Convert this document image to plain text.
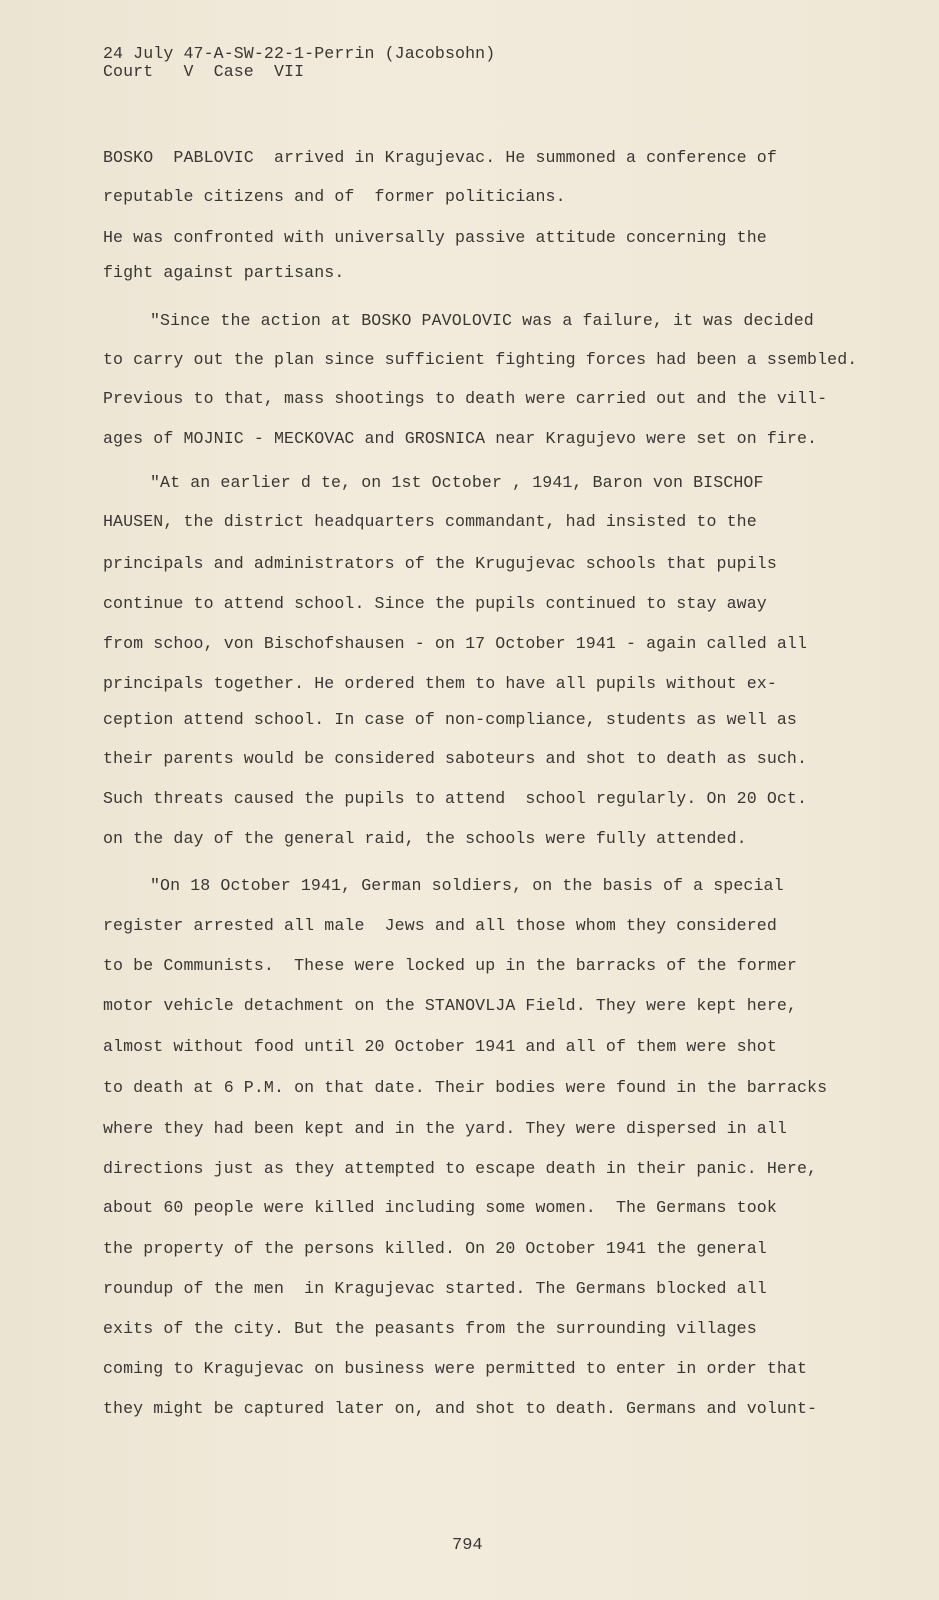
24 July 47-A-SW-22-1-Perrin (Jacobsohn)
Court   V  Case  VII
BOSKO  PABLOVIC  arrived in Kragujevac. He summoned a conference of
reputable citizens and of  former politicians.
He was confronted with universally passive attitude concerning the
fight against partisans.
"Since the action at BOSKO PAVOLOVIC was a failure, it was decided
to carry out the plan since sufficient fighting forces had been a ssembled.
Previous to that, mass shootings to death were carried out and the vill-
ages of MOJNIC - MECKOVAC and GROSNICA near Kragujevo were set on fire.
"At an earlier d te, on 1st October , 1941, Baron von BISCHOF
HAUSEN, the district headquarters commandant, had insisted to the
principals and administrators of the Krugujevac schools that pupils
continue to attend school. Since the pupils continued to stay away
from schoo, von Bischofshausen - on 17 October 1941 - again called all
principals together. He ordered them to have all pupils without ex-
ception attend school. In case of non-compliance, students as well as
their parents would be considered saboteurs and shot to death as such.
Such threats caused the pupils to attend  school regularly. On 20 Oct.
on the day of the general raid, the schools were fully attended.
"On 18 October 1941, German soldiers, on the basis of a special
register arrested all male  Jews and all those whom they considered
to be Communists.  These were locked up in the barracks of the former
motor vehicle detachment on the STANOVLJA Field. They were kept here,
almost without food until 20 October 1941 and all of them were shot
to death at 6 P.M. on that date. Their bodies were found in the barracks
where they had been kept and in the yard. They were dispersed in all
directions just as they attempted to escape death in their panic. Here,
about 60 people were killed including some women.  The Germans took
the property of the persons killed. On 20 October 1941 the general
roundup of the men  in Kragujevac started. The Germans blocked all
exits of the city. But the peasants from the surrounding villages
coming to Kragujevac on business were permitted to enter in order that
they might be captured later on, and shot to death. Germans and volunt-
794
